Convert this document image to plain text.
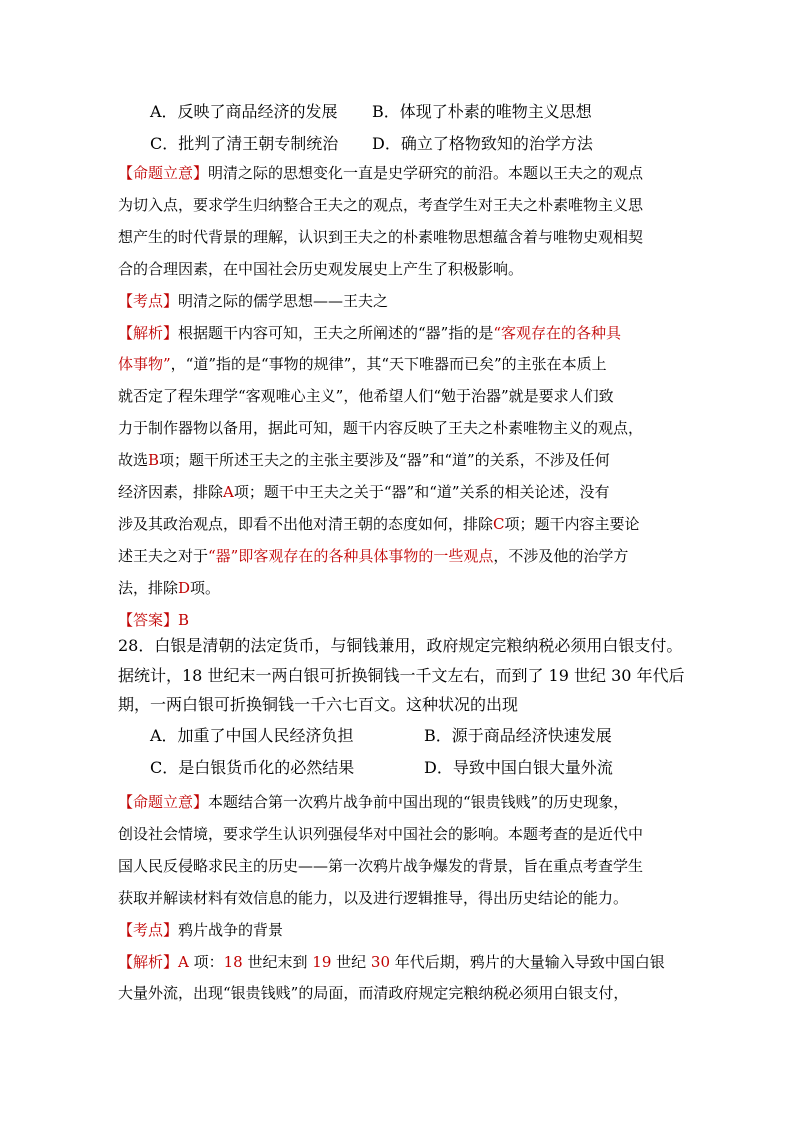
A．反映了商品经济的发展 B．体现了朴素的唯物主义思想
C．批判了清王朝专制统治 D．确立了格物致知的治学方法
【命题立意】明清之际的思想变化一直是史学研究的前沿。本题以王夫之的观点
为切入点，要求学生归纳整合王夫之的观点，考查学生对王夫之朴素唯物主义思
想产生的时代背景的理解，认识到王夫之的朴素唯物思想蕴含着与唯物史观相契
合的合理因素，在中国社会历史观发展史上产生了积极影响。
【考点】明清之际的儒学思想——王夫之
【解析】根据题干内容可知，王夫之所阐述的“器”指的是“客观存在的各种具
体事物”，“道”指的是“事物的规律”，其“天下唯器而已矣”的主张在本质上
就否定了程朱理学“客观唯心主义”，他希望人们“勉于治器”就是要求人们致
力于制作器物以备用，据此可知，题干内容反映了王夫之朴素唯物主义的观点，
故选B项；题干所述王夫之的主张主要涉及“器”和“道”的关系，不涉及任何
经济因素，排除A项；题干中王夫之关于“器”和“道”关系的相关论述，没有
涉及其政治观点，即看不出他对清王朝的态度如何，排除C项；题干内容主要论
述王夫之对于“器”即客观存在的各种具体事物的一些观点，不涉及他的治学方
法，排除D项。
【答案】B
28．白银是清朝的法定货币，与铜钱兼用，政府规定完粮纳税必须用白银支付。
据统计，18 世纪末一两白银可折换铜钱一千文左右，而到了 19 世纪 30 年代后
期，一两白银可折换铜钱一千六七百文。这种状况的出现
A．加重了中国人民经济负担	B．源于商品经济快速发展
C．是白银货币化的必然结果	D．导致中国白银大量外流
【命题立意】本题结合第一次鸦片战争前中国出现的“银贵钱贱”的历史现象，
创设社会情境，要求学生认识列强侵华对中国社会的影响。本题考查的是近代中
国人民反侵略求民主的历史——第一次鸦片战争爆发的背景，旨在重点考查学生
获取并解读材料有效信息的能力，以及进行逻辑推导，得出历史结论的能力。
【考点】鸦片战争的背景
【解析】A 项：18 世纪末到 19 世纪 30 年代后期，鸦片的大量输入导致中国白银
大量外流，出现“银贵钱贱”的局面，而清政府规定完粮纳税必须用白银支付，
